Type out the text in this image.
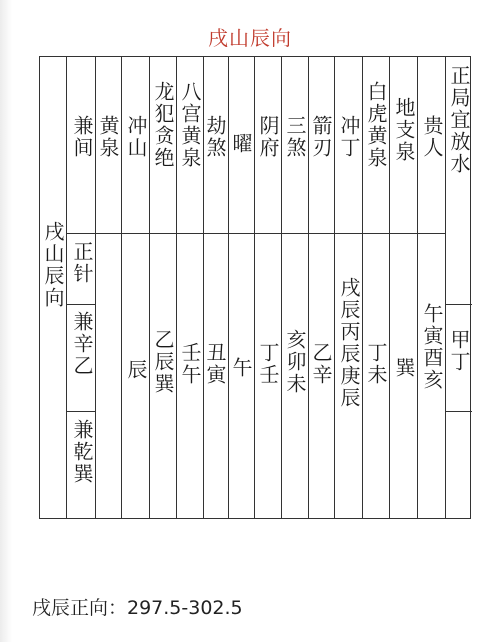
戌山辰向
戌山辰向
兼间 黄泉 冲山 龙犯贪绝 八宫黄泉 劫煞 曜 阴府 三煞 箭刃 冲丁 白虎黄泉 地支泉 贵人 正局宜放水
正针
兼辛乙
兼乾巽
辰 乙辰巽 壬午 丑寅 午 丁壬 亥卯未 乙辛 戌辰丙辰庚辰 丁未 巽 午寅酉亥 甲丁
戌辰正向：297.5-302.5
